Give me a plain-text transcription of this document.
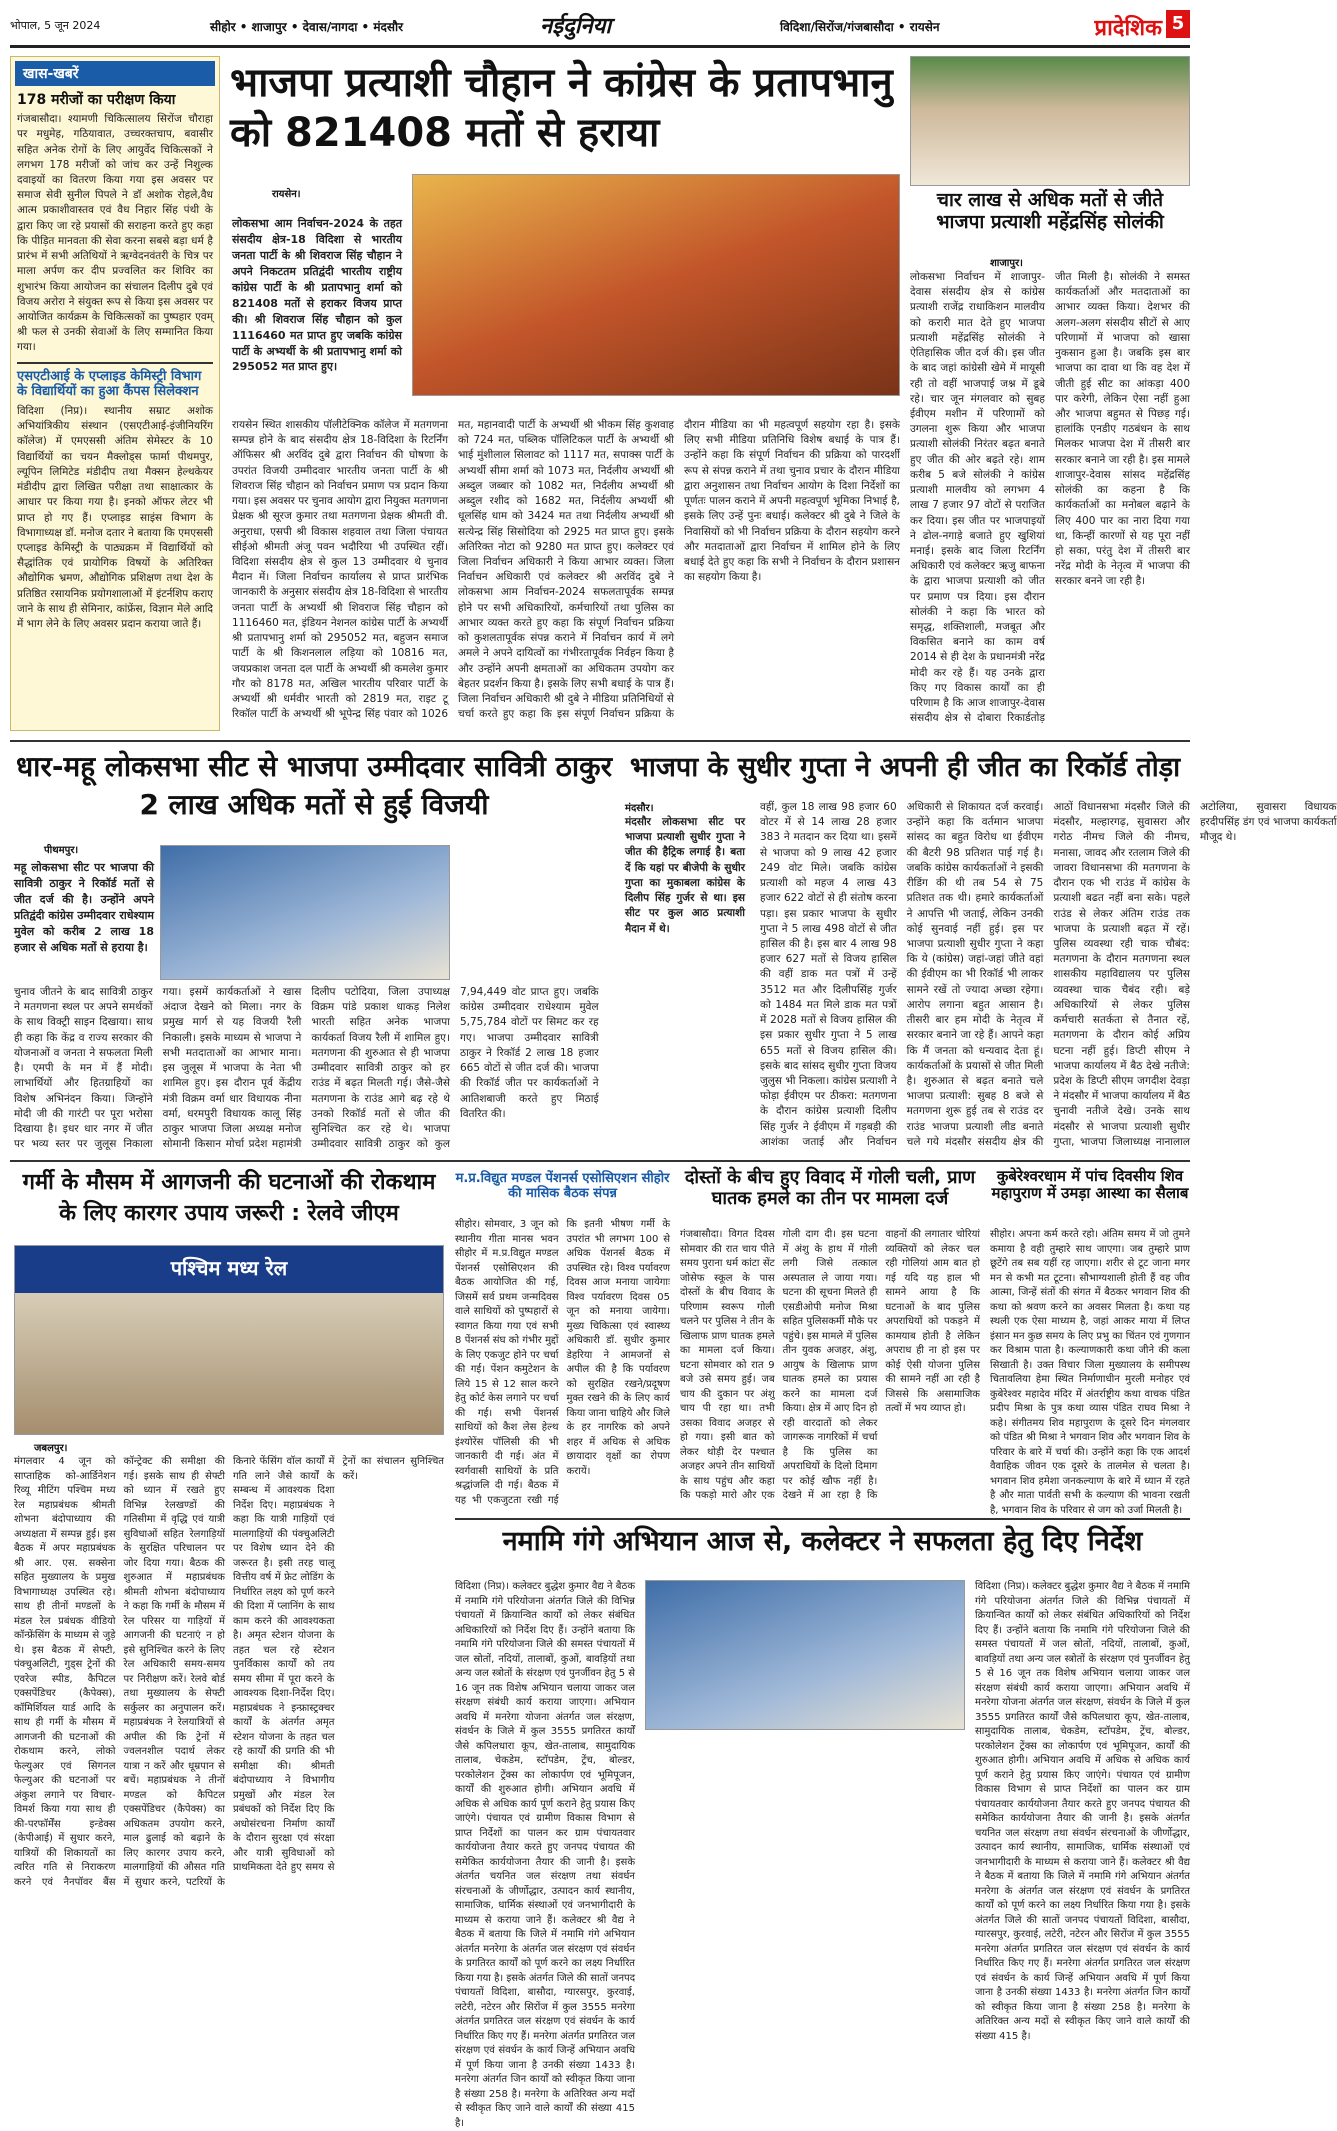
भोपाल, 5 जून 2024	सीहोर • शाजापुर • देवास/नागदा • मंदसौर	नईदुनिया	विदिशा/सिरोंज/गंजबासौदा • रायसेन	प्रादेशिक 5
खास-खबरें
178 मरीजों का परीक्षण किया
गंजबासौदा। श्यामणी चिकित्सालय सिरोंज चौराहा पर मधुमेह, गठियावात, उच्चरक्तचाप, बवासीर सहित अनेक रोगों के लिए आयुर्वेद चिकित्सकों ने लगभग 178 मरीजों को जांच कर उन्हें निशुल्क दवाइयों का वितरण किया गया इस अवसर पर समाज सेवी सुनील पिपले ने डॉ अशोक रोहले,वैध आत्म प्रकाशीवास्तव एवं वैध निहार सिंह पंथी के द्वारा किए जा रहे प्रयासों की सराहना करते हुए कहा कि पीड़ित मानवता की सेवा करना सबसे बड़ा धर्म है प्रारंभ में सभी अतिथियों ने ऋग्वेदनवंतरी के चित्र पर माला अर्पण कर दीप प्रज्वलित कर शिविर का शुभारंभ किया आयोजन का संचालन दिलीप दुबे एवं विजय अरोरा ने संयुक्त रूप से किया इस अवसर पर आयोजित कार्यक्रम के चिकित्सकों का पुष्पहार एवम् श्री फल से उनकी सेवाओं के लिए सम्मानित किया गया।
एसएटीआई के एप्लाइड केमिस्ट्री विभाग के विद्यार्थियों का हुआ कैंपस सिलेक्शन
विदिशा (निप्र)। स्थानीय सम्राट अशोक अभियांत्रिकीय संस्थान (एसएटीआई-इंजीनियरिंग कॉलेज) में एमएससी अंतिम सेमेस्टर के 10 विद्यार्थियों का चयन मैक्लोड्स फार्मा पीथमपुर, ल्यूपिन लिमिटेड मंडीदीप तथा मैक्सन हेल्थकेयर मंडीदीप द्वारा लिखित परीक्षा तथा साक्षात्कार के आधार पर किया गया है। इनको ऑफर लेटर भी प्राप्त हो गए हैं। एप्लाइड साइंस विभाग के विभागाध्यक्ष डॉ. मनोज दतार ने बताया कि एमएससी एप्लाइड केमिस्ट्री के पाठ्यक्रम में विद्यार्थियों को सैद्धांतिक एवं प्रायोगिक विषयों के अतिरिक्त औद्योगिक भ्रमण, औद्योगिक प्रशिक्षण तथा देश के प्रतिष्ठित रसायनिक प्रयोगशालाओं में इंटर्नशिप कराए जाने के साथ ही सेमिनार, कांफ्रेंस, विज्ञान मेले आदि में भाग लेने के लिए अवसर प्रदान कराया जाते हैं।
भाजपा प्रत्याशी चौहान ने कांग्रेस के प्रतापभानु को 821408 मतों से हराया
रायसेन।
लोकसभा आम निर्वाचन-2024 के तहत संसदीय क्षेत्र-18 विदिशा से भारतीय जनता पार्टी के श्री शिवराज सिंह चौहान ने अपने निकटतम प्रतिद्वंदी भारतीय राष्ट्रीय कांग्रेस पार्टी के श्री प्रतापभानु शर्मा को 821408 मतों से हराकर विजय प्राप्त की। श्री शिवराज सिंह चौहान को कुल 1116460 मत प्राप्त हुए जबकि कांग्रेस पार्टी के अभ्यर्थी के श्री प्रतापभानु शर्मा को 295052 मत प्राप्त हुए।
रायसेन स्थित शासकीय पॉलीटेक्निक कॉलेज में मतगणना सम्पन्न होने के बाद संसदीय क्षेत्र 18-विदिशा के रिटर्निंग ऑफिसर श्री अरविंद दुबे द्वारा निर्वाचन की घोषणा के उपरांत विजयी उम्मीदवार भारतीय जनता पार्टी के श्री शिवराज सिंह चौहान को निर्वाचन प्रमाण पत्र प्रदान किया गया। इस अवसर पर चुनाव आयोग द्वारा नियुक्त मतगणना प्रेक्षक श्री सूरज कुमार तथा मतगणना प्रेक्षक श्रीमती वी. अनुराधा, एसपी श्री विकास शहवाल तथा जिला पंचायत सीईओ श्रीमती अंजू पवन भदौरिया भी उपस्थित रहीं। विदिशा संसदीय क्षेत्र से कुल 13 उम्मीदवार थे चुनाव मैदान में। जिला निर्वाचन कार्यालय से प्राप्त प्रारंभिक जानकारी के अनुसार संसदीय क्षेत्र 18-विदिशा से भारतीय जनता पार्टी के अभ्यर्थी श्री शिवराज सिंह चौहान को 1116460 मत, इंडियन नेशनल कांग्रेस पार्टी के अभ्यर्थी श्री प्रतापभानु शर्मा को 295052 मत, बहुजन समाज पार्टी के श्री किशनलाल लड़िया को 10816 मत, जयप्रकाश जनता दल पार्टी के अभ्यर्थी श्री कमलेश कुमार गौर को 8178 मत, अखिल भारतीय परिवार पार्टी के अभ्यर्थी श्री धर्मवीर भारती को 2819 मत, राइट टू रिकॉल पार्टी के अभ्यर्थी श्री भूपेन्द्र सिंह पंवार को 1026 मत, महानवादी पार्टी के अभ्यर्थी श्री भीकम सिंह कुशवाह को 724 मत, पब्लिक पॉलिटिकल पार्टी के अभ्यर्थी श्री भाई मुंशीलाल सिलावट को 1117 मत, सपाक्स पार्टी के अभ्यर्थी सीमा शर्मा को 1073 मत, निर्दलीय अभ्यर्थी श्री अब्दुल जब्बार को 1082 मत, निर्दलीय अभ्यर्थी श्री अब्दुल रशीद को 1682 मत, निर्दलीय अभ्यर्थी श्री धूलसिंह धाम को 3424 मत तथा निर्दलीय अभ्यर्थी श्री सत्येन्द्र सिंह सिसोदिया को 2925 मत प्राप्त हुए। इसके अतिरिक्त नोटा को 9280 मत प्राप्त हुए। कलेक्टर एवं जिला निर्वाचन अधिकारी ने किया आभार व्यक्त। जिला निर्वाचन अधिकारी एवं कलेक्टर श्री अरविंद दुबे ने लोकसभा आम निर्वाचन-2024 सफलतापूर्वक सम्पन्न होने पर सभी अधिकारियों, कर्मचारियों तथा पुलिस का आभार व्यक्त करते हुए कहा कि संपूर्ण निर्वाचन प्रक्रिया को कुशलतापूर्वक संपन्न कराने में निर्वाचन कार्य में लगे अमले ने अपने दायित्वों का गंभीरतापूर्वक निर्वहन किया है और उन्होंने अपनी क्षमताओं का अधिकतम उपयोग कर बेहतर प्रदर्शन किया है। इसके लिए सभी बधाई के पात्र हैं। जिला निर्वाचन अधिकारी श्री दुबे ने मीडिया प्रतिनिधियों से चर्चा करते हुए कहा कि इस संपूर्ण निर्वाचन प्रक्रिया के दौरान मीडिया का भी महत्वपूर्ण सहयोग रहा है। इसके लिए सभी मीडिया प्रतिनिधि विशेष बधाई के पात्र हैं। उन्होंने कहा कि संपूर्ण निर्वाचन की प्रक्रिया को पारदर्शी रूप से संपन्न कराने में तथा चुनाव प्रचार के दौरान मीडिया द्वारा अनुशासन तथा निर्वाचन आयोग के दिशा निर्देशों का पूर्णतः पालन कराने में अपनी महत्वपूर्ण भूमिका निभाई है, इसके लिए उन्हें पुनः बधाई। कलेक्टर श्री दुबे ने जिले के निवासियों को भी निर्वाचन प्रक्रिया के दौरान सहयोग करने और मतदाताओं द्वारा निर्वाचन में शामिल होने के लिए बधाई देते हुए कहा कि सभी ने निर्वाचन के दौरान प्रशासन का सहयोग किया है।
चार लाख से अधिक मतों से जीते भाजपा प्रत्याशी महेंद्रसिंह सोलंकी
शाजापुर।
लोकसभा निर्वाचन में शाजापुर-देवास संसदीय क्षेत्र से कांग्रेस प्रत्याशी राजेंद्र राधाकिशन मालवीय को करारी मात देते हुए भाजपा प्रत्याशी महेंद्रसिंह सोलंकी ने ऐतिहासिक जीत दर्ज की। इस जीत के बाद जहां कांग्रेसी खेमे में मायूसी रही तो वहीं भाजपाई जश्न में डूबे रहे। चार जून मंगलवार को सुबह ईवीएम मशीन में परिणामों को उगलना शुरू किया और भाजपा प्रत्याशी सोलंकी निरंतर बढ़त बनाते हुए जीत की ओर बढ़ते रहे। शाम करीब 5 बजे सोलंकी ने कांग्रेस प्रत्याशी मालवीय को लगभग 4 लाख 7 हजार 97 वोटों से पराजित कर दिया। इस जीत पर भाजपाइयों ने ढोल-नगाड़े बजाते हुए खुशियां मनाई। इसके बाद जिला रिटर्निंग अधिकारी एवं कलेक्टर ऋजु बाफना के द्वारा भाजपा प्रत्याशी को जीत पर प्रमाण पत्र दिया। इस दौरान सोलंकी ने कहा कि भारत को समृद्ध, शक्तिशाली, मजबूत और विकसित बनाने का काम वर्ष 2014 से ही देश के प्रधानमंत्री नरेंद्र मोदी कर रहे हैं। यह उनके द्वारा किए गए विकास कार्यों का ही परिणाम है कि आज शाजापुर-देवास संसदीय क्षेत्र से दोबारा रिकार्डतोड़ जीत मिली है। सोलंकी ने समस्त कार्यकर्ताओं और मतदाताओं का आभार व्यक्त किया। देशभर की अलग-अलग संसदीय सीटों से आए परिणामों में भाजपा को खासा नुकसान हुआ है। जबकि इस बार भाजपा का दावा था कि वह देश में जीती हुई सीट का आंकड़ा 400 पार करेगी, लेकिन ऐसा नहीं हुआ और भाजपा बहुमत से पिछड़ गई। हालांकि एनडीए गठबंधन के साथ मिलकर भाजपा देश में तीसरी बार सरकार बनाने जा रही है। इस मामले शाजापुर-देवास सांसद महेंद्रसिंह सोलंकी का कहना है कि कार्यकर्ताओं का मनोबल बढ़ाने के लिए 400 पार का नारा दिया गया था, किन्हीं कारणों से यह पूरा नहीं हो सका, परंतु देश में तीसरी बार नरेंद्र मोदी के नेतृत्व में भाजपा की सरकार बनने जा रही है।
धार-महू लोकसभा सीट से भाजपा उम्मीदवार सावित्री ठाकुर 2 लाख अधिक मतों से हुई विजयी
पीथमपुर।
महू लोकसभा सीट पर भाजपा की सावित्री ठाकुर ने रिकॉर्ड मतों से जीत दर्ज की है। उन्होंने अपने प्रतिद्वंदी कांग्रेस उम्मीदवार राधेश्याम मुवेल को करीब 2 लाख 18 हजार से अधिक मतों से हराया है।
चुनाव जीतने के बाद सावित्री ठाकुर ने मतगणना स्थल पर अपने समर्थकों के साथ विक्ट्री साइन दिखाया। साथ ही कहा कि केंद्र व राज्य सरकार की योजनाओं व जनता ने सफलता मिली है। एमपी के मन में हैं मोदी। लाभार्थियों और हितग्राहियों का विशेष अभिनंदन किया। जिन्होंने मोदी जी की गारंटी पर पूरा भरोसा दिखाया है। इधर धार नगर में जीत पर भव्य स्तर पर जुलूस निकाला गया। इसमें कार्यकर्ताओं ने खास अंदाज देखने को मिला। नगर के प्रमुख मार्ग से यह विजयी रैली निकाली। इसके माध्यम से भाजपा ने सभी मतदाताओं का आभार माना। इस जुलूस में भाजपा के नेता भी शामिल हुए। इस दौरान पूर्व केंद्रीय मंत्री विक्रम वर्मा धार विधायक नीना वर्मा, धरमपुरी विधायक कालू सिंह ठाकुर भाजपा जिला अध्यक्ष मनोज सोमानी किसान मोर्चा प्रदेश महामंत्री दिलीप पटोदिया, जिला उपाध्यक्ष विक्रम पांडे प्रकाश धाकड़ निलेश भारती सहित अनेक भाजपा कार्यकर्ता विजय रैली में शामिल हुए। मतगणना की शुरुआत से ही भाजपा उम्मीदवार सावित्री ठाकुर को हर राउंड में बढ़त मिलती गई। जैसे-जैसे मतगणना के राउंड आगे बढ़ रहे थे उनको रिकॉर्ड मतों से जीत की सुनिश्चित कर रहे थे। भाजपा उम्मीदवार सावित्री ठाकुर को कुल 7,94,449 वोट प्राप्त हुए। जबकि कांग्रेस उम्मीदवार राधेश्याम मुवेल 5,75,784 वोटों पर सिमट कर रह गए। भाजपा उम्मीदवार सावित्री ठाकुर ने रिकॉर्ड 2 लाख 18 हजार 665 वोटों से जीत दर्ज की। भाजपा की रिकॉर्ड जीत पर कार्यकर्ताओं ने आतिशबाजी करते हुए मिठाई वितरित की।
भाजपा के सुधीर गुप्ता ने अपनी ही जीत का रिकॉर्ड तोड़ा
मंदसौर।
मंदसौर लोकसभा सीट पर भाजपा प्रत्याशी सुधीर गुप्ता ने जीत की हैट्रिक लगाई है। बता दें कि यहां पर बीजेपी के सुधीर गुप्ता का मुकाबला कांग्रेस के दिलीप सिंह गुर्जर से था। इस सीट पर कुल आठ प्रत्याशी मैदान में थे।
वहीं, कुल 18 लाख 98 हजार 60 वोटर में से 14 लाख 28 हजार 383 ने मतदान कर दिया था। इसमें से भाजपा को 9 लाख 42 हजार 249 वोट मिले। जबकि कांग्रेस प्रत्याशी को महज 4 लाख 43 हजार 622 वोटों से ही संतोष करना पड़ा। इस प्रकार भाजपा के सुधीर गुप्ता ने 5 लाख 498 वोटों से जीत हासिल की है। इस बार 4 लाख 98 हजार 627 मतों से विजय हासिल की वहीं डाक मत पत्रों में उन्हें 3512 मत और दिलीपसिंह गुर्जर को 1484 मत मिले डाक मत पत्रों में 2028 मतों से विजय हासिल की इस प्रकार सुधीर गुप्ता ने 5 लाख 655 मतों से विजय हासिल की। इसके बाद सांसद सुधीर गुप्ता विजय जुलुस भी निकला। कांग्रेस प्रत्याशी ने फोड़ा ईवीएम पर ठीकरा: मतगणना के दौरान कांग्रेस प्रत्याशी दिलीप सिंह गुर्जर ने ईवीएम में गड़बड़ी की आशंका जताई और निर्वाचन अधिकारी से शिकायत दर्ज करवाई। उन्होंने कहा कि वर्तमान भाजपा सांसद का बहुत विरोध था ईवीएम की बैटरी 98 प्रतिशत पाई गई है। जबकि कांग्रेस कार्यकर्ताओं ने इसकी रीडिंग की थी तब 54 से 75 प्रतिशत तक थी। हमारे कार्यकर्ताओं ने आपत्ति भी जताई, लेकिन उनकी कोई सुनवाई नहीं हुई। इस पर भाजपा प्रत्याशी सुधीर गुप्ता ने कहा कि ये (कांग्रेस) जहां-जहां जीते वहां की ईवीएम का भी रिकॉर्ड भी लाकर सामने रखें तो ज्यादा अच्छा रहेगा। आरोप लगाना बहुत आसान है। तीसरी बार हम मोदी के नेतृत्व में सरकार बनाने जा रहे हैं। आपने कहा कि मैं जनता को धन्यवाद देता हूं। कार्यकर्ताओं के प्रयासों से जीत मिली है। शुरुआत से बढ़त बनाते चले भाजपा प्रत्याशी: सुबह 8 बजे से मतगणना शुरू हुई तब से राउंड दर राउंड भाजपा प्रत्याशी लीड बनाते चले गये मंदसौर संसदीय क्षेत्र की आठों विधानसभा मंदसौर जिले की मंदसौर, मल्हारगढ़, सुवासरा और गरोठ नीमच जिले की नीमच, मनासा, जावद और रतलाम जिले की जावरा विधानसभा की मतगणना के दौरान एक भी राउंड में कांग्रेस के प्रत्याशी बढत नहीं बना सके। पहले राउंड से लेकर अंतिम राउंड तक भाजपा के प्रत्याशी बढ़त में रहें। पुलिस व्यवस्था रही चाक चौबंद: मतगणना के दौरान मतगणना स्थल शासकीय महाविद्यालय पर पुलिस व्यवस्था चाक चैबंद रही। बड़े अधिकारियों से लेकर पुलिस कर्मचारी सतर्कता से तैनात रहें, मतगणना के दौरान कोई अप्रिय घटना नहीं हुई। डिप्टी सीएम ने भाजपा कार्यालय में बैठ देखे नतीजे: प्रदेश के डिप्टी सीएम जगदीश देवड़ा ने मंदसौर में भाजपा कार्यालय में बैठ चुनावी नतीजे देखे। उनके साथ मंदसौर से भाजपा प्रत्याशी सुधीर गुप्ता, भाजपा जिलाध्यक्ष नानालाल अटोलिया, सुवासरा विधायक हरदीपसिंह डंग एवं भाजपा कार्यकर्ता मौजूद थे।
गर्मी के मौसम में आगजनी की घटनाओं की रोकथाम के लिए कारगर उपाय जरूरी : रेलवे जीएम
पश्चिम मध्य रेल
जबलपुर।
मंगलवार 4 जून को साप्ताहिक को-आर्डिनेशन रिव्यू मीटिंग पश्चिम मध्य रेल महाप्रबंधक श्रीमती शोभना बंदोपाध्याय की अध्यक्षता में सम्पन्न हुई। इस बैठक में अपर महाप्रबंधक श्री आर. एस. सक्सेना सहित मुख्यालय के प्रमुख विभागाध्यक्ष उपस्थित रहे। साथ ही तीनों मण्डलों के मंडल रेल प्रबंधक वीडियो कॉन्फ्रेंसिंग के माध्यम से जुड़े थे। इस बैठक में सेफ्टी, पंक्चुअलिटी, गुड्स ट्रेनों की एवरेज स्पीड, कैपिटल एक्सपेंडिचर (कैपेक्स), कॉमिर्शियल यार्ड आदि के साथ ही गर्मी के मौसम में आगजनी की घटनाओं की रोकथाम करने, लोको फेल्युअर एवं सिगनल फेल्युअर की घटनाओं पर अंकुश लगाने पर विचार-विमर्श किया गया साथ ही की-परफॉर्मेंस इन्डेक्स (केपीआई) में सुधार करने, यात्रियों की शिकायतों का त्वरित गति से निराकरण करने एवं नैनपॉवर बैंस कॉन्ट्रेक्ट की समीक्षा की गई। इसके साथ ही सेफ्टी को ध्यान में रखते हुए विभिन्न रेलखण्डों की गतिसीमा में वृद्धि एवं यात्री सुविधाओं सहित रेलगाड़ियों के सुरक्षित परिचालन पर जोर दिया गया। बैठक की शुरुआत में महाप्रबंधक श्रीमती शोभना बंदोपाध्याय ने कहा कि गर्मी के मौसम में रेल परिसर या गाड़ियों में आगजनी की घटनाएं न हो इसे सुनिश्चित करने के लिए रेल अधिकारी समय-समय पर निरीक्षण करें। रेलवे बोर्ड तथा मुख्यालय के सेफ्टी सर्कुलर का अनुपालन करें। महाप्रबंधक ने रेलयात्रियों से अपील की कि ट्रेनों में ज्वलनशील पदार्थ लेकर यात्रा न करें और धूम्रपान से बचें। महाप्रबंधक ने तीनों मण्डल को कैपिटल एक्सपेंडिचर (कैपेक्स) का अधिकतम उपयोग करने, माल ढुलाई को बढ़ाने के लिए कारगर उपाय करने, मालगाड़ियों की औसत गति में सुधार करने, पटरियों के किनारे फेंसिंग वॉल कार्यों में गति लाने जैसे कार्यों के सम्बन्ध में आवश्यक दिशा निर्देश दिए। महाप्रबंधक ने कहा कि यात्री गाड़ियों एवं मालगाड़ियों की पंक्चुअलिटी पर विशेष ध्यान देने की जरूरत है। इसी तरह चालू वित्तीय वर्ष में फ्रेट लोडिंग के निर्धारित लक्ष्य को पूर्ण करने की दिशा में प्लानिंग के साथ काम करने की आवश्यकता है। अमृत स्टेशन योजना के तहत चल रहे स्टेशन पुनर्विकास कार्यों को तय समय सीमा में पूरा करने के आवश्यक दिशा-निर्देश दिए। महाप्रबंधक ने इन्फ्रास्ट्रक्चर कार्यों के अंतर्गत अमृत स्टेशन योजना के तहत चल रहे कार्यों की प्रगति की भी समीक्षा की। श्रीमती बंदोपाध्याय ने विभागीय प्रमुखों और मंडल रेल प्रबंधकों को निर्देश दिए कि अधोसंरचना निर्माण कार्यों के दौरान सुरक्षा एवं संरक्षा और यात्री सुविधाओं को प्राथमिकता देते हुए समय से ट्रेनों का संचालन सुनिश्चित करें।
म.प्र.विद्युत मण्डल पेंशनर्स एसोसिएशन सीहोर की मासिक बैठक संपन्न
सीहोर। सोमवार, 3 जून को स्थानीय गीता मानस भवन सीहोर में म.प्र.विद्युत मण्डल पेंशनर्स एसोसिएशन की बैठक आयोजित की गई, जिसमें सर्व प्रथम जन्मदिवस वाले साथियों को पुष्पहारों से स्वागत किया गया एवं सभी 8 पेंशनर्स संघ को गंभीर मुद्दों के लिए एकजुट होने पर चर्चा की गई। पेंशन कमुटेशन के लिये 15 से 12 साल करने हेतु कोर्ट केस लगाने पर चर्चा की गई। सभी पेंशनर्स साथियों को कैश लेस हेल्थ इंश्योरेंस पॉलिसी की भी जानकारी दी गई। अंत में स्वर्गवासी साथियों के प्रति श्रद्धांजलि दी गई। बैठक में यह भी एकजुटता रखी गई कि इतनी भीषण गर्मी के उपरांत भी लगभग 100 से अधिक पेंशनर्स बैठक में उपस्थित रहे। विश्व पर्यावरण दिवस आज मनाया जायेगाः विश्व पर्यावरण दिवस 05 जून को मनाया जायेगा। मुख्य चिकित्सा एवं स्वास्थ्य अधिकारी डॉ. सुधीर कुमार डेहरिया ने आमजनों से अपील की है कि पर्यावरण को सुरक्षित रखने/प्रदूषण मुक्त रखने की के लिए कार्य किया जाना चाहिये और जिले के हर नागरिक को अपने शहर में अधिक से अधिक छायादार वृक्षों का रोपण करायें।
दोस्तों के बीच हुए विवाद में गोली चली, प्राण घातक हमले का तीन पर मामला दर्ज
गंजबासौदा। विगत दिवस सोमवार की रात चाय पीते समय पुराना धर्म कांटा सेंट जोसेफ स्कूल के पास दोस्तों के बीच विवाद के परिणाम स्वरूप गोली चलने पर पुलिस ने तीन के खिलाफ प्राण घातक हमले का मामला दर्ज किया। घटना सोमवार को रात 9 बजे उसे समय हुई। जब चाय की दुकान पर अंशु चाय पी रहा था। तभी उसका विवाद अजहर से हो गया। इसी बात को लेकर थोड़ी देर पश्चात अजहर अपने तीन साथियों के साथ पहुंच और कहा कि पकड़ो मारो और एक गोली दाग दी। इस घटना में अंशु के हाथ में गोली लगी जिसे तत्काल अस्पताल ले जाया गया। घटना की सूचना मिलते ही एसडीओपी मनोज मिश्रा सहित पुलिसकर्मी मौके पर पहुंचे। इस मामले में पुलिस तीन युवक अजहर, अंशु, आयुष के खिलाफ प्राण घातक हमले का प्रयास करने का मामला दर्ज किया। क्षेत्र में आए दिन हो रही वारदातों को लेकर जागरूक नागरिकों में चर्चा है कि पुलिस का अपराधियों के दिलो दिमाग पर कोई खौफ नहीं है। देखने में आ रहा है कि वाहनों की लगातार चोरियां व्यक्तियों को लेकर चल रही गोलियां आम बात हो गई यदि यह हाल भी सामने आया है कि घटनाओं के बाद पुलिस अपराधियों को पकड़ने में कामयाब होती है लेकिन अपराध ही ना हो इस पर कोई ऐसी योजना पुलिस की सामने नहीं आ रही है जिससे कि असामाजिक तत्वों में भय व्याप्त हो।
कुबेरेश्वरधाम में पांच दिवसीय शिव महापुराण में उमड़ा आस्था का सैलाब
सीहोर। अपना कर्म करते रहो। अंतिम समय में जो तुमने कमाया है वही तुम्हारे साथ जाएगा। जब तुम्हारे प्राण छूटेंगे तब सब यहीं रह जाएगा। शरीर से टूट जाना मगर मन से कभी मत टूटना। सौभाग्यशाली होती हैं वह जीव आत्मा, जिन्हें संतों की संगत में बैठकर भगवान शिव की कथा को श्रवण करने का अवसर मिलता है। कथा यह स्थली एक ऐसा माध्यम है, जहां आकर माया में लिप्त इंसान मन कुछ समय के लिए प्रभु का चिंतन एवं गुणगान कर विश्राम पाता है। कल्याणकारी कथा जीने की कला सिखाती है। उक्त विचार जिला मुख्यालय के समीपस्थ चितावलिया हेमा स्थित निर्माणाधीन मुरली मनोहर एवं कुबेरेश्वर महादेव मंदिर में अंतर्राष्ट्रीय कथा वाचक पंडित प्रदीप मिश्रा के पुत्र कथा व्यास पंडित राघव मिश्रा ने कहे। संगीतमय शिव महापुराण के दूसरे दिन मंगलवार को पंडित श्री मिश्रा ने भगवान शिव और भगवान शिव के परिवार के बारे में चर्चा की। उन्होंने कहा कि एक आदर्श वैवाहिक जीवन एक दूसरे के तालमेल से चलता है। भगवान शिव हमेशा जनकल्याण के बारे में ध्यान में रहते है और माता पार्वती सभी के कल्याण की भावना रखती है, भगवान शिव के परिवार से जग को उर्जा मिलती है।
नमामि गंगे अभियान आज से, कलेक्टर ने सफलता हेतु दिए निर्देश
विदिशा (निप्र)। कलेक्टर बुद्धेश कुमार वैद्य ने बैठक में नमामि गंगे परियोजना अंतर्गत जिले की विभिन्न पंचायतों में क्रियान्वित कार्यों को लेकर संबंधित अधिकारियों को निर्देश दिए हैं। उन्होंने बताया कि नमामि गंगे परियोजना जिले की समस्त पंचायतों में जल स्रोतों, नदियों, तालाबों, कुओं, बावड़ियों तथा अन्य जल स्त्रोतों के संरक्षण एवं पुनर्जीवन हेतु 5 से 16 जून तक विशेष अभियान चलाया जाकर जल संरक्षण संबंधी कार्य कराया जाएगा। अभियान अवधि में मनरेगा योजना अंतर्गत जल संरक्षण, संवर्धन के जिले में कुल 3555 प्रगतिरत कार्यों जैसे कपिलधारा कूप, खेत-तालाब, सामुदायिक तालाब, चेकडेम, स्टॉपडेम, ट्रेंच, बोल्डर, परकोलेशन ट्रेंक्स का लोकार्पण एवं भूमिपूजन, कार्यों की शुरुआत होगी। अभियान अवधि में अधिक से अधिक कार्य पूर्ण कराने हेतु प्रयास किए जाएंगे। पंचायत एवं ग्रामीण विकास विभाग से प्राप्त निर्देशों का पालन कर ग्राम पंचायतवार कार्ययोजना तैयार करते हुए जनपद पंचायत की समेकित कार्ययोजना तैयार की जानी है। इसके अंतर्गत चयनित जल संरक्षण तथा संवर्धन संरचनाओं के जीर्णोद्धार, उत्पादन कार्य स्थानीय, सामाजिक, धार्मिक संस्थाओं एवं जनभागीदारी के माध्यम से कराया जाने हैं। कलेक्टर श्री वैद्य ने बैठक में बताया कि जिले में नमामि गंगे अभियान अंतर्गत मनरेगा के अंतर्गत जल संरक्षण एवं संवर्धन के प्रगतिरत कार्यों को पूर्ण करने का लक्ष्य निर्धारित किया गया है। इसके अंतर्गत जिले की सातों जनपद पंचायतों विदिशा, बासौदा, ग्यारसपुर, कुरवाई, लटेरी, नटेरन और सिरोंज में कुल 3555 मनरेगा अंतर्गत प्रगतिरत जल संरक्षण एवं संवर्धन के कार्य निर्धारित किए गए हैं। मनरेगा अंतर्गत प्रगतिरत जल संरक्षण एवं संवर्धन के कार्य जिन्हें अभियान अवधि में पूर्ण किया जाना है उनकी संख्या 1433 है। मनरेगा अंतर्गत जिन कार्यों को स्वीकृत किया जाना है संख्या 258 है। मनरेगा के अतिरिक्त अन्य मदों से स्वीकृत किए जाने वाले कार्यों की संख्या 415 है।
विदिशा (निप्र)। कलेक्टर बुद्धेश कुमार वैद्य ने बैठक में नमामि गंगे परियोजना अंतर्गत जिले की विभिन्न पंचायतों में क्रियान्वित कार्यों को लेकर संबंधित अधिकारियों को निर्देश दिए हैं। उन्होंने बताया कि नमामि गंगे परियोजना जिले की समस्त पंचायतों में जल स्रोतों, नदियों, तालाबों, कुओं, बावड़ियों तथा अन्य जल स्त्रोतों के संरक्षण एवं पुनर्जीवन हेतु 5 से 16 जून तक विशेष अभियान चलाया जाकर जल संरक्षण संबंधी कार्य कराया जाएगा। अभियान अवधि में मनरेगा योजना अंतर्गत जल संरक्षण, संवर्धन के जिले में कुल 3555 प्रगतिरत कार्यों जैसे कपिलधारा कूप, खेत-तालाब, सामुदायिक तालाब, चेकडेम, स्टॉपडेम, ट्रेंच, बोल्डर, परकोलेशन ट्रेंक्स का लोकार्पण एवं भूमिपूजन, कार्यों की शुरुआत होगी। अभियान अवधि में अधिक से अधिक कार्य पूर्ण कराने हेतु प्रयास किए जाएंगे। पंचायत एवं ग्रामीण विकास विभाग से प्राप्त निर्देशों का पालन कर ग्राम पंचायतवार कार्ययोजना तैयार करते हुए जनपद पंचायत की समेकित कार्ययोजना तैयार की जानी है। इसके अंतर्गत चयनित जल संरक्षण तथा संवर्धन संरचनाओं के जीर्णोद्धार, उत्पादन कार्य स्थानीय, सामाजिक, धार्मिक संस्थाओं एवं जनभागीदारी के माध्यम से कराया जाने हैं। कलेक्टर श्री वैद्य ने बैठक में बताया कि जिले में नमामि गंगे अभियान अंतर्गत मनरेगा के अंतर्गत जल संरक्षण एवं संवर्धन के प्रगतिरत कार्यों को पूर्ण करने का लक्ष्य निर्धारित किया गया है। इसके अंतर्गत जिले की सातों जनपद पंचायतों विदिशा, बासौदा, ग्यारसपुर, कुरवाई, लटेरी, नटेरन और सिरोंज में कुल 3555 मनरेगा अंतर्गत प्रगतिरत जल संरक्षण एवं संवर्धन के कार्य निर्धारित किए गए हैं। मनरेगा अंतर्गत प्रगतिरत जल संरक्षण एवं संवर्धन के कार्य जिन्हें अभियान अवधि में पूर्ण किया जाना है उनकी संख्या 1433 है। मनरेगा अंतर्गत जिन कार्यों को स्वीकृत किया जाना है संख्या 258 है। मनरेगा के अतिरिक्त अन्य मदों से स्वीकृत किए जाने वाले कार्यों की संख्या 415 है।
